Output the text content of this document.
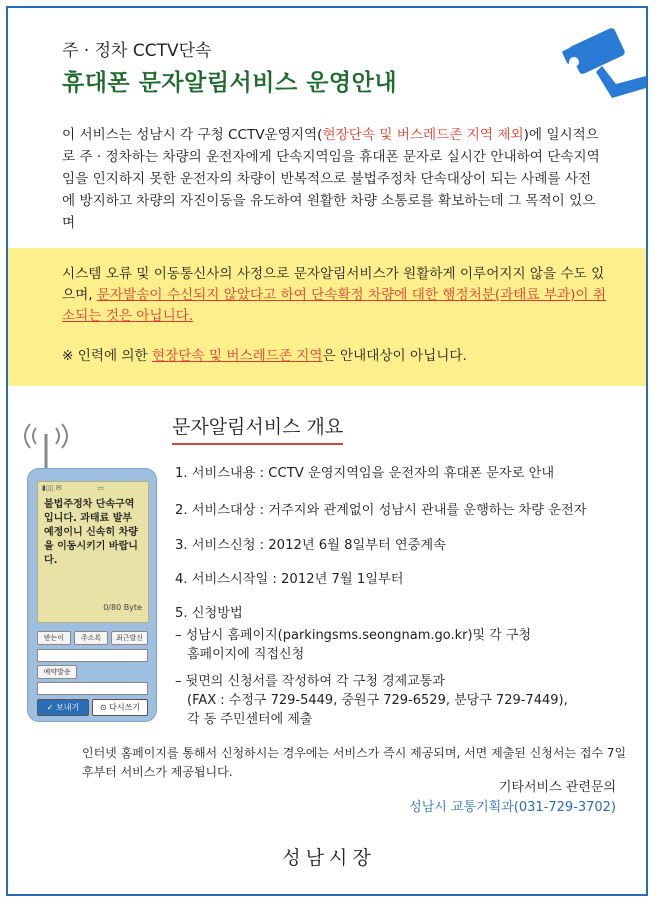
주 · 정차 CCTV단속
휴대폰 문자알림서비스 운영안내
이 서비스는 성남시 각 구청 CCTV운영지역(현장단속 및 버스레드존 지역 제외)에 일시적으로 주 · 정차하는 차량의 운전자에게 단속지역임을 휴대폰 문자로 실시간 안내하여 단속지역임을 인지하지 못한 운전자의 차량이 반복적으로 불법주정차 단속대상이 되는 사례를 사전에 방지하고 차량의 자진이동을 유도하여 원활한 차량 소통로를 확보하는데 그 목적이 있으며
시스템 오류 및 이동통신사의 사정으로 문자알림서비스가 원활하게 이루어지지 않을 수도 있으며, 문자발송이 수신되지 않았다고 하여 단속확정 차량에 대한 행정처분(과태료 부과)이 취소되는 것은 아닙니다.
※ 인력에 의한 현장단속 및 버스레드존 지역은 안내대상이 아닙니다.
문자알림서비스 개요
1. 서비스내용 : CCTV 운영지역임을 운전자의 휴대폰 문자로 안내
2. 서비스대상 : 거주지와 관계없이 성남시 관내를 운행하는 차량 운전자
3. 서비스신청 : 2012년 6월 8일부터 연중계속
4. 서비스시작일 : 2012년 7월 1일부터
5. 신청방법
– 성남시 홈페이지(parkingsms.seongnam.go.kr)및 각 구청
홈페이지에 직접신청
– 뒷면의 신청서를 작성하여 각 구청 경제교통과
(FAX : 수정구 729-5449, 중원구 729-6529, 분당구 729-7449),
각 동 주민센터에 제출
▮▯▯ ✉                ▭
불법주정차 단속구역 입니다. 과태료 발부 예정이니 신속히 차량을 이동시키기 바랍니다.
0/80 Byte
받는이	주소록	최근발신
예약발송
✓ 보내기	⊙ 다시쓰기
인터넷 홈페이지를 통해서 신청하시는 경우에는 서비스가 즉시 제공되며, 서면 제출된 신청서는 접수 7일후부터 서비스가 제공됩니다.
기타서비스 관련문의
성남시 교통기획과(031-729-3702)
성남시장
